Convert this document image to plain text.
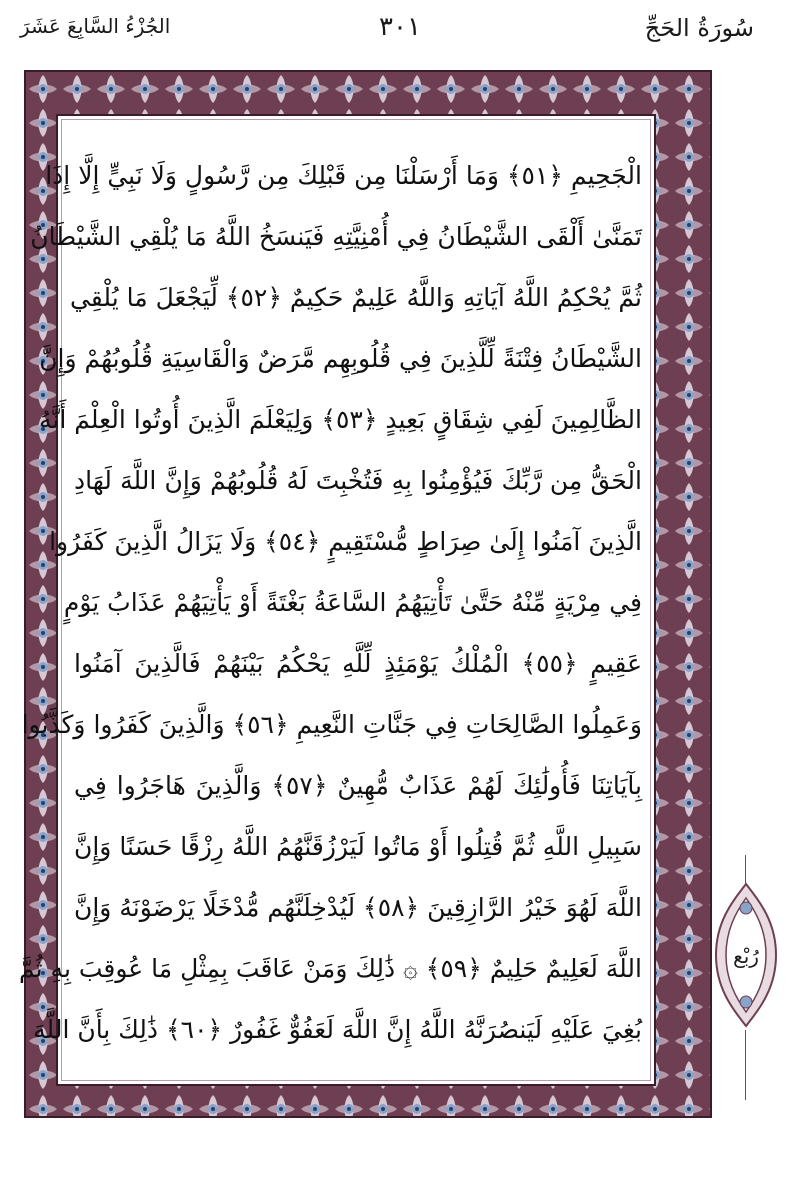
سُورَةُ الحَجِّ
٣٠١
الجُزْءُ السَّابِعَ عَشَرَ
الْجَحِيمِ ﴿٥١﴾ وَمَا أَرْسَلْنَا مِن قَبْلِكَ مِن رَّسُولٍ وَلَا نَبِيٍّ إِلَّا إِذَا
تَمَنَّىٰ أَلْقَى الشَّيْطَانُ فِي أُمْنِيَّتِهِ فَيَنسَخُ اللَّهُ مَا يُلْقِي الشَّيْطَانُ
ثُمَّ يُحْكِمُ اللَّهُ آيَاتِهِ وَاللَّهُ عَلِيمٌ حَكِيمٌ ﴿٥٢﴾ لِّيَجْعَلَ مَا يُلْقِي
الشَّيْطَانُ فِتْنَةً لِّلَّذِينَ فِي قُلُوبِهِم مَّرَضٌ وَالْقَاسِيَةِ قُلُوبُهُمْ وَإِنَّ
الظَّالِمِينَ لَفِي شِقَاقٍ بَعِيدٍ ﴿٥٣﴾ وَلِيَعْلَمَ الَّذِينَ أُوتُوا الْعِلْمَ أَنَّهُ
الْحَقُّ مِن رَّبِّكَ فَيُؤْمِنُوا بِهِ فَتُخْبِتَ لَهُ قُلُوبُهُمْ وَإِنَّ اللَّهَ لَهَادِ
الَّذِينَ آمَنُوا إِلَىٰ صِرَاطٍ مُّسْتَقِيمٍ ﴿٥٤﴾ وَلَا يَزَالُ الَّذِينَ كَفَرُوا
فِي مِرْيَةٍ مِّنْهُ حَتَّىٰ تَأْتِيَهُمُ السَّاعَةُ بَغْتَةً أَوْ يَأْتِيَهُمْ عَذَابُ يَوْمٍ
عَقِيمٍ ﴿٥٥﴾ الْمُلْكُ يَوْمَئِذٍ لِّلَّهِ يَحْكُمُ بَيْنَهُمْ فَالَّذِينَ آمَنُوا
وَعَمِلُوا الصَّالِحَاتِ فِي جَنَّاتِ النَّعِيمِ ﴿٥٦﴾ وَالَّذِينَ كَفَرُوا وَكَذَّبُوا
بِآيَاتِنَا فَأُولَٰئِكَ لَهُمْ عَذَابٌ مُّهِينٌ ﴿٥٧﴾ وَالَّذِينَ هَاجَرُوا فِي
سَبِيلِ اللَّهِ ثُمَّ قُتِلُوا أَوْ مَاتُوا لَيَرْزُقَنَّهُمُ اللَّهُ رِزْقًا حَسَنًا وَإِنَّ
اللَّهَ لَهُوَ خَيْرُ الرَّازِقِينَ ﴿٥٨﴾ لَيُدْخِلَنَّهُم مُّدْخَلًا يَرْضَوْنَهُ وَإِنَّ
اللَّهَ لَعَلِيمٌ حَلِيمٌ ﴿٥٩﴾ ۞ ذَٰلِكَ وَمَنْ عَاقَبَ بِمِثْلِ مَا عُوقِبَ بِهِ ثُمَّ
بُغِيَ عَلَيْهِ لَيَنصُرَنَّهُ اللَّهُ إِنَّ اللَّهَ لَعَفُوٌّ غَفُورٌ ﴿٦٠﴾ ذَٰلِكَ بِأَنَّ اللَّهَ
رُبْع
